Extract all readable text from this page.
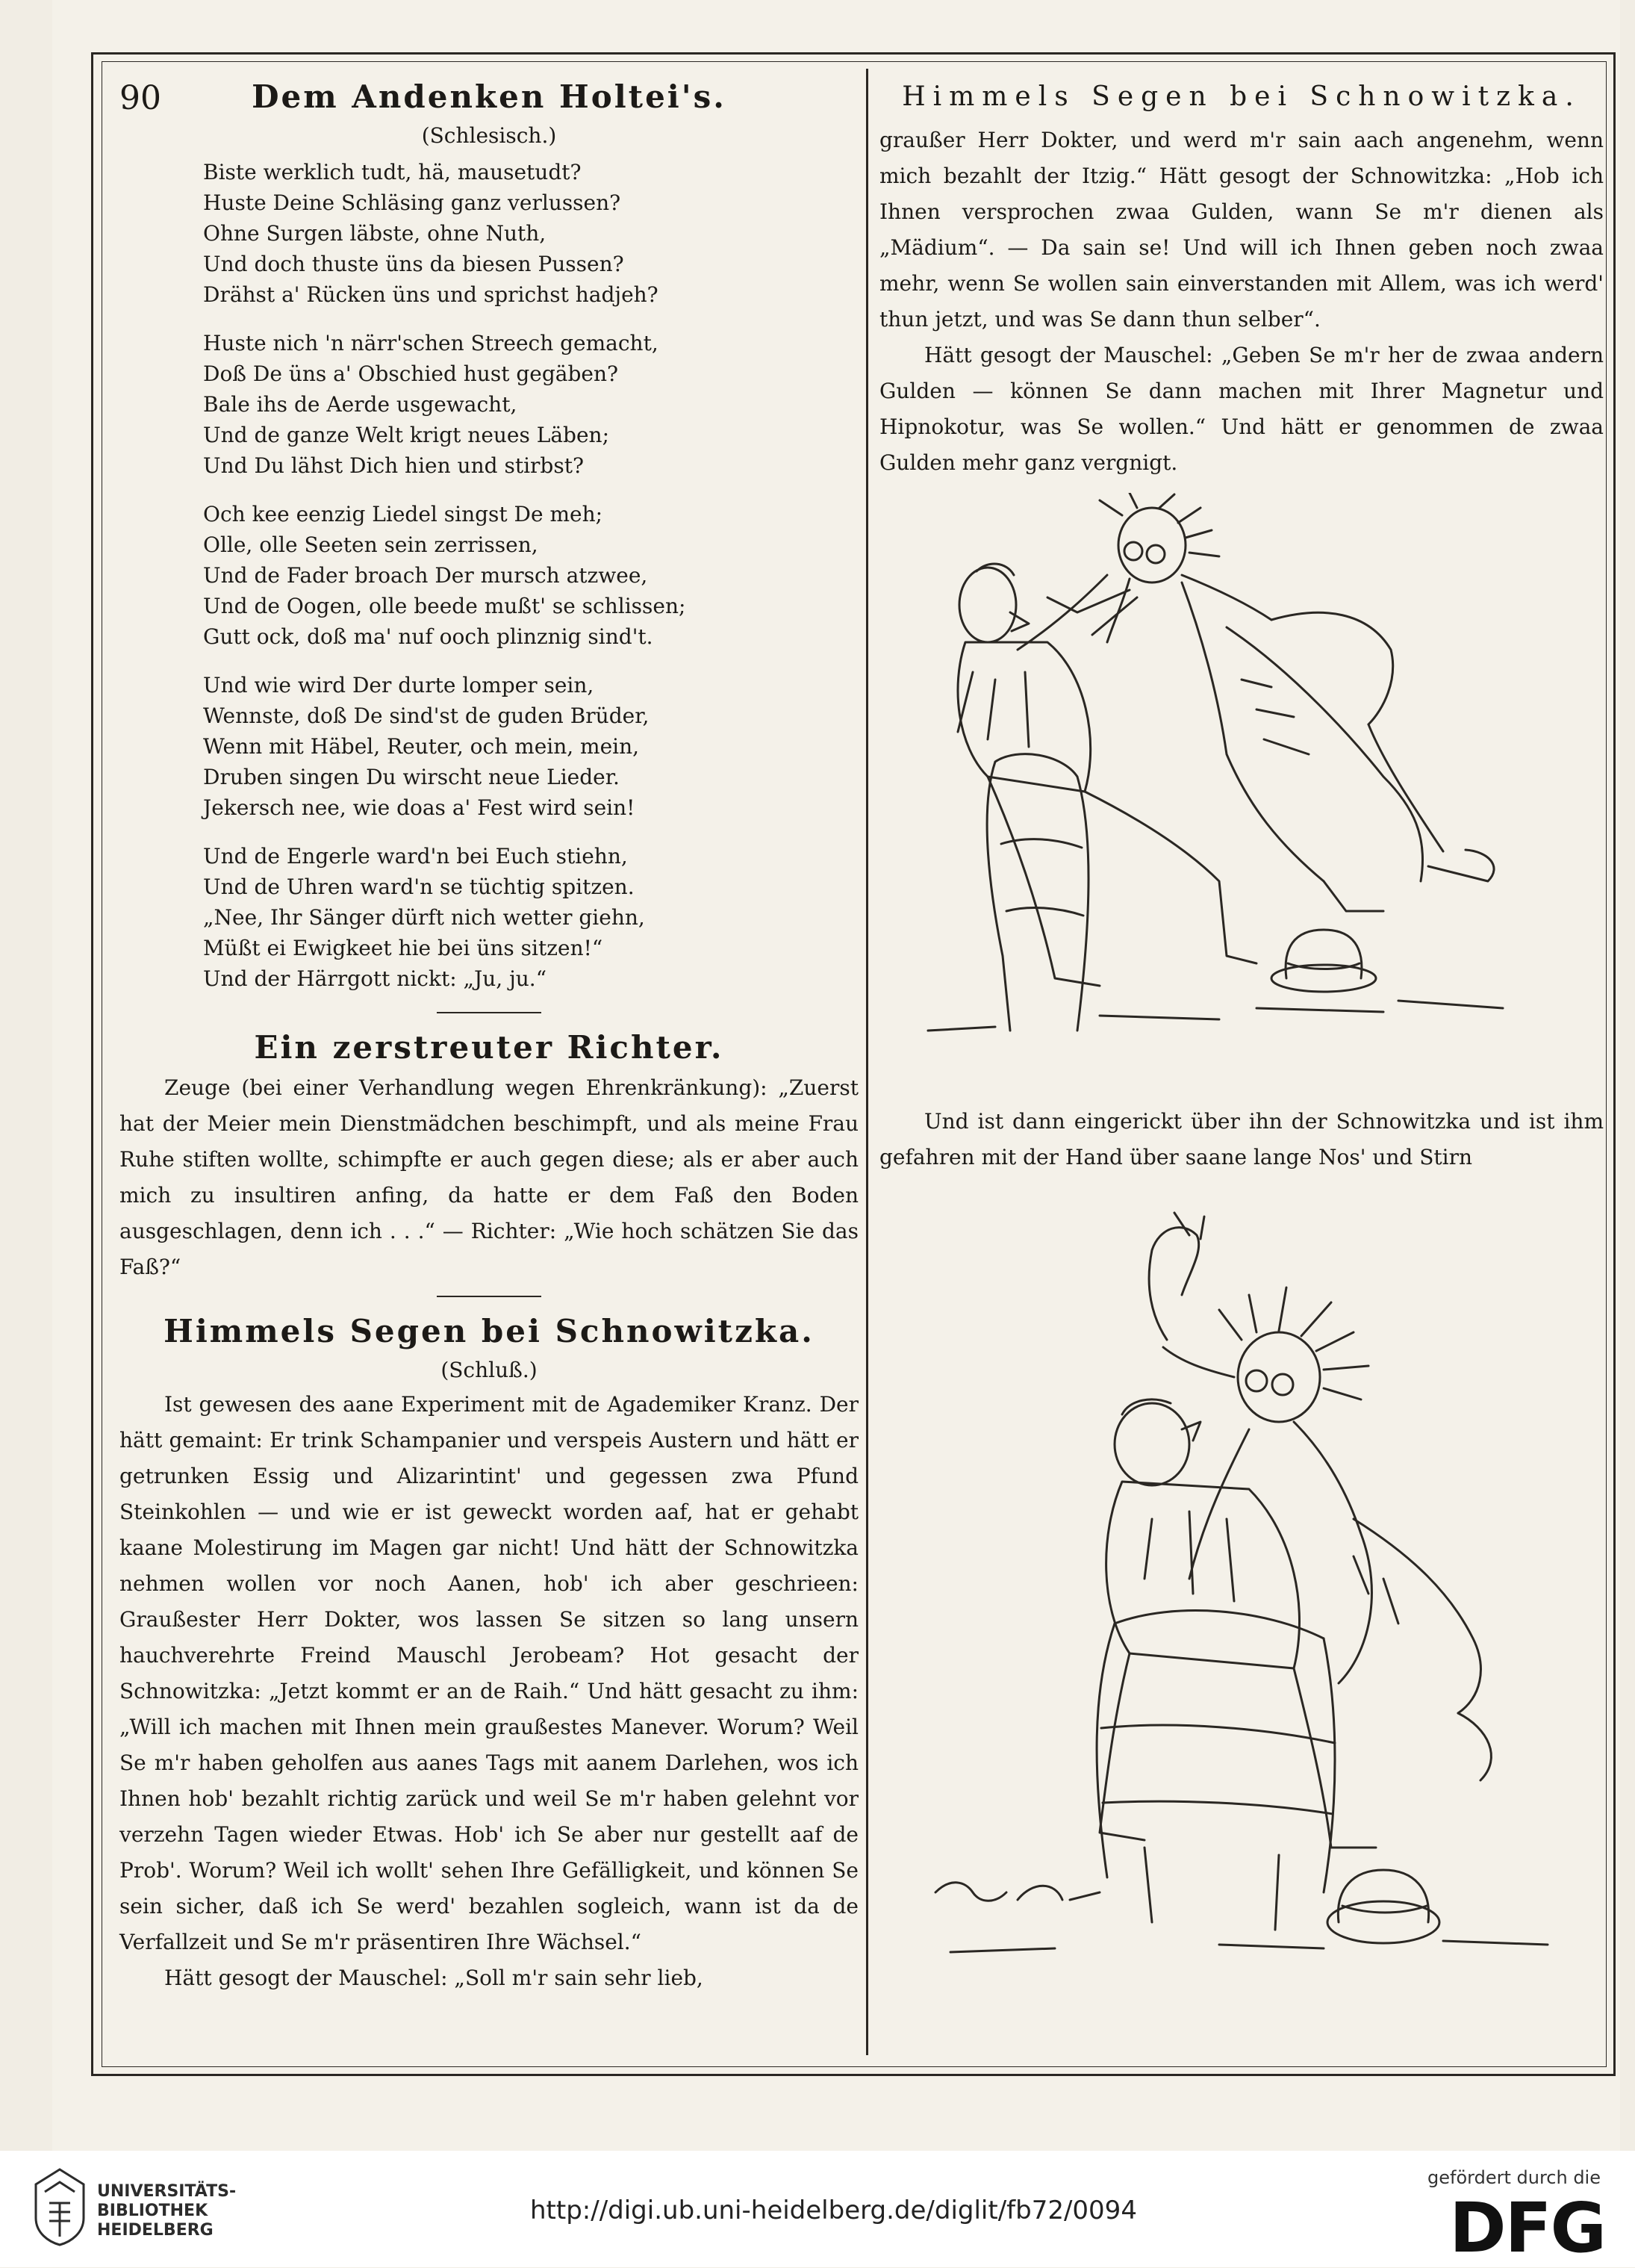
90	Dem Andenken Holtei's.

(Schlesisch.)

Biste werklich tudt, hä, mausetudt?
Huste Deine Schläsing ganz verlussen?
Ohne Surgen läbste, ohne Nuth,
Und doch thuste üns da biesen Pussen?
Drähst a' Rücken üns und sprichst hadjeh?
Huste nich 'n närr'schen Streech gemacht,
Doß De üns a' Obschied hust gegäben?
Bale ihs de Aerde usgewacht,
Und de ganze Welt krigt neues Läben;
Und Du lähst Dich hien und stirbst?
Och kee eenzig Liedel singst De meh;
Olle, olle Seeten sein zerrissen,
Und de Fader broach Der mursch atzwee,
Und de Oogen, olle beede mußt' se schlissen;
Gutt ock, doß ma' nuf ooch plinznig sind't.
Und wie wird Der durte lomper sein,
Wennste, doß De sind'st de guden Brüder,
Wenn mit Häbel, Reuter, och mein, mein,
Druben singen Du wirscht neue Lieder.
Jekersch nee, wie doas a' Fest wird sein!
Und de Engerle ward'n bei Euch stiehn,
Und de Uhren ward'n se tüchtig spitzen.
„Nee, Ihr Sänger dürft nich wetter giehn,
Müßt ei Ewigkeet hie bei üns sitzen!“
Und der Härrgott nickt: „Ju, ju.“
Ein zerstreuter Richter.

Zeuge (bei einer Verhandlung wegen Ehrenkränkung): „Zuerst hat der Meier mein Dienstmädchen beschimpft, und als meine Frau Ruhe stiften wollte, schimpfte er auch gegen diese; als er aber auch mich zu insultiren anfing, da hatte er dem Faß den Boden ausgeschlagen, denn ich . . .“ — Richter: „Wie hoch schätzen Sie das Faß?“

Himmels Segen bei Schnowitzka.

(Schluß.)

Ist gewesen des aane Experiment mit de Agademiker Kranz. Der hätt gemaint: Er trink Schampanier und verspeis Austern und hätt er getrunken Essig und Alizarintint' und gegessen zwa Pfund Steinkohlen — und wie er ist geweckt worden aaf, hat er gehabt kaane Molestirung im Magen gar nicht! Und hätt der Schnowitzka nehmen wollen vor noch Aanen, hob' ich aber geschrieen: Graußester Herr Dokter, wos lassen Se sitzen so lang unsern hauchverehrte Freind Mauschl Jerobeam? Hot gesacht der Schnowitzka: „Jetzt kommt er an de Raih.“ Und hätt gesacht zu ihm: „Will ich machen mit Ihnen mein graußestes Manever. Worum? Weil Se m'r haben geholfen aus aanes Tags mit aanem Darlehen, wos ich Ihnen hob' bezahlt richtig zarück und weil Se m'r haben gelehnt vor verzehn Tagen wieder Etwas. Hob' ich Se aber nur gestellt aaf de Prob'. Worum? Weil ich wollt' sehen Ihre Gefälligkeit, und können Se sein sicher, daß ich Se werd' bezahlen sogleich, wann ist da de Verfallzeit und Se m'r präsentiren Ihre Wächsel.“

Hätt gesogt der Mauschel: „Soll m'r sain sehr lieb,

Himmels Segen bei Schnowitzka.

graußer Herr Dokter, und werd m'r sain aach angenehm, wenn mich bezahlt der Itzig.“ Hätt gesogt der Schnowitzka: „Hob ich Ihnen versprochen zwaa Gulden, wann Se m'r dienen als „Mädium“. — Da sain se! Und will ich Ihnen geben noch zwaa mehr, wenn Se wollen sain einverstanden mit Allem, was ich werd' thun jetzt, und was Se dann thun selber“.

Hätt gesogt der Mauschel: „Geben Se m'r her de zwaa andern Gulden — können Se dann machen mit Ihrer Magnetur und Hipnokotur, was Se wollen.“ Und hätt er genommen de zwaa Gulden mehr ganz vergnigt.

Und ist dann eingerickt über ihn der Schnowitzka und ist ihm gefahren mit der Hand über saane lange Nos' und Stirn

UNIVERSITÄTS-
BIBLIOTHEK
HEIDELBERG
http://digi.ub.uni-heidelberg.de/diglit/fb72/0094
gefördert durch die
DFG
